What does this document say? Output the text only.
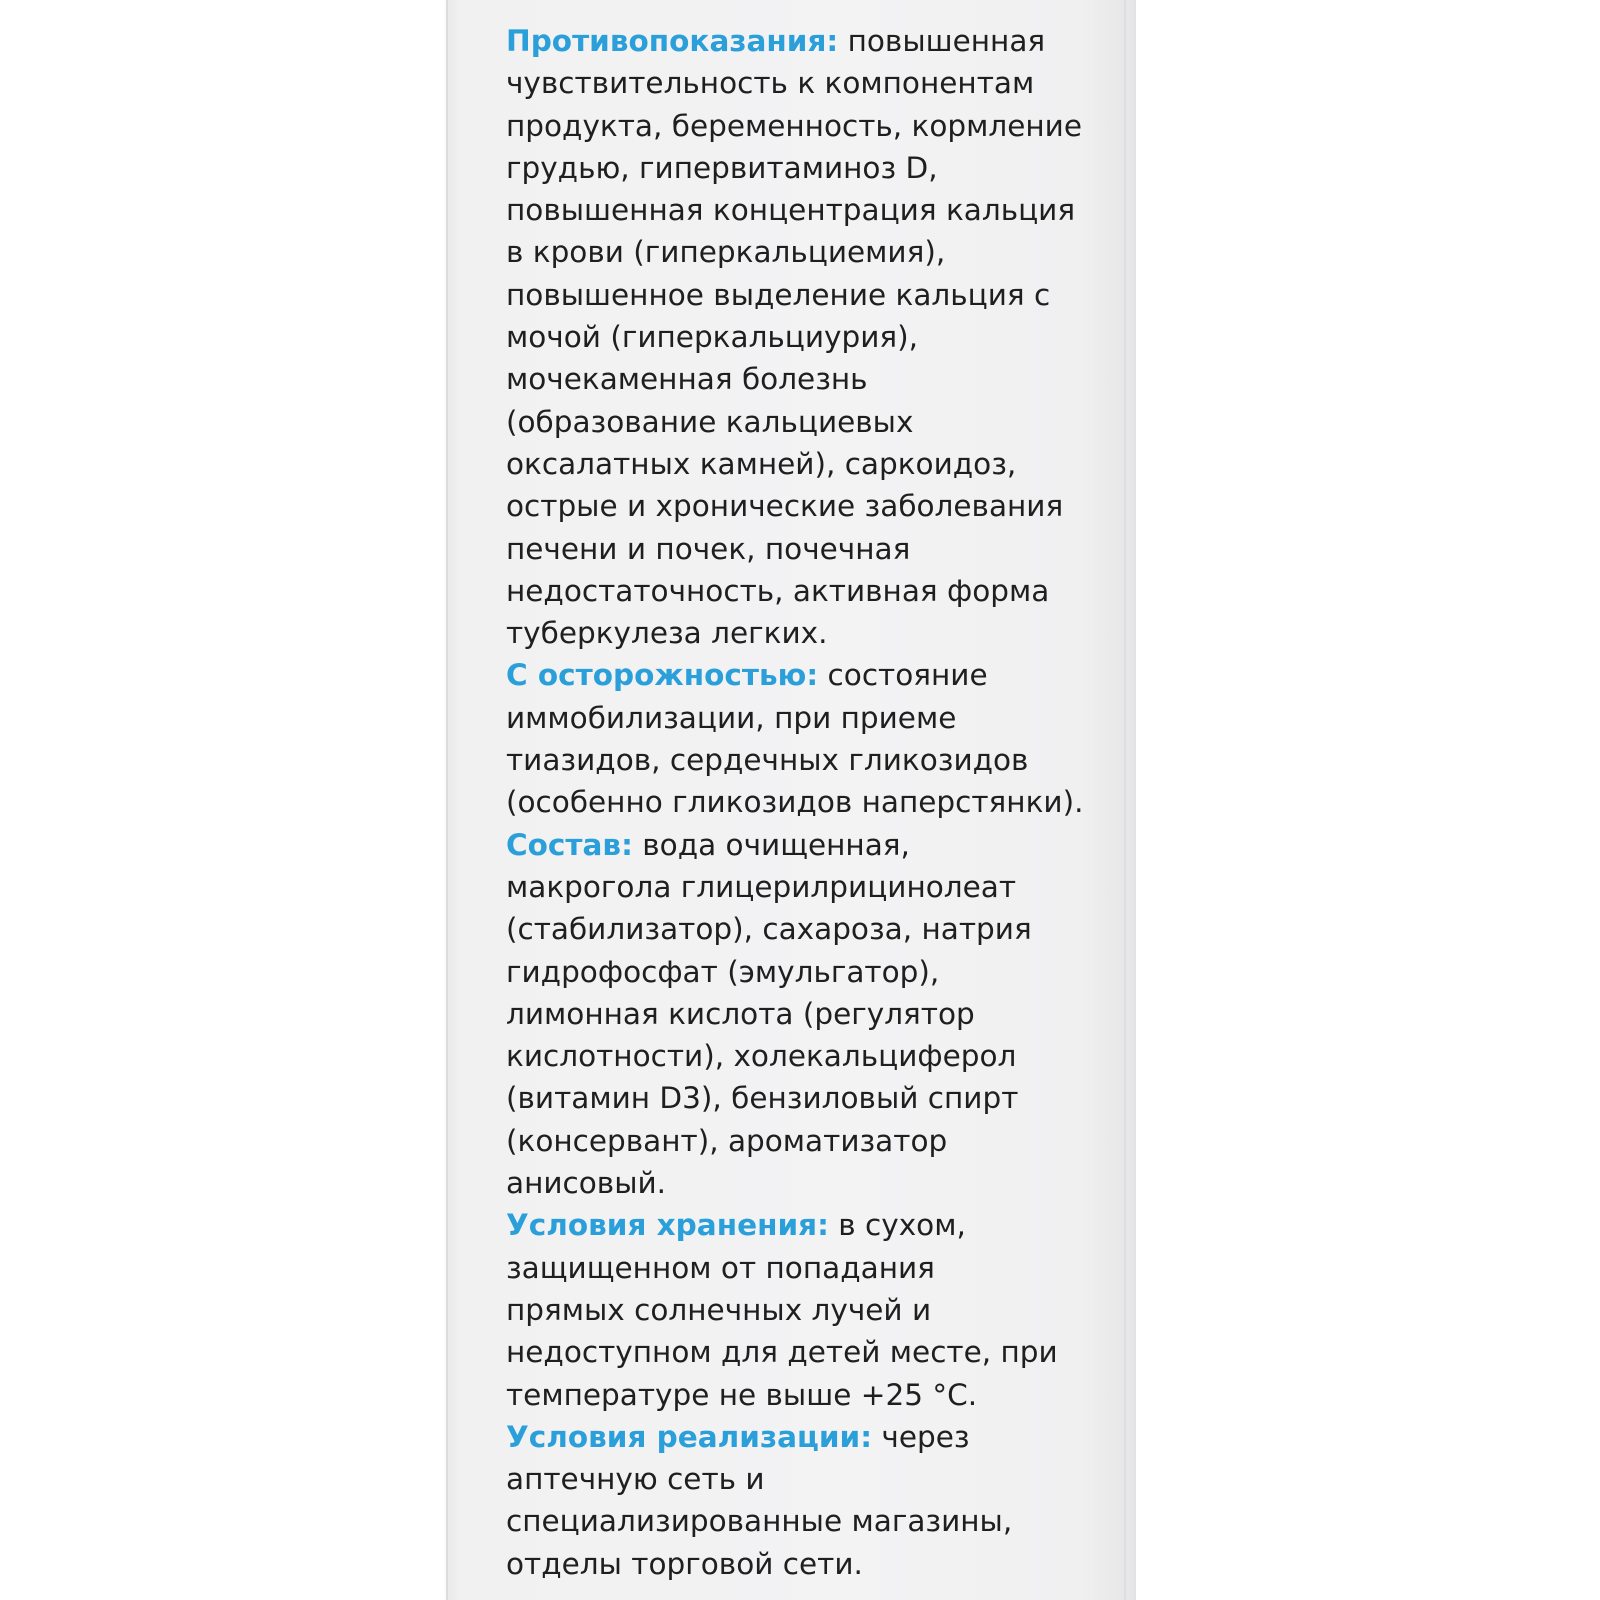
Противопоказания: повышенная
чувствительность к компонентам
продукта, беременность, кормление
грудью, гипервитаминоз D,
повышенная концентрация кальция
в крови (гиперкальциемия),
повышенное выделение кальция с
мочой (гиперкальциурия),
мочекаменная болезнь
(образование кальциевых
оксалатных камней), саркоидоз,
острые и хронические заболевания
печени и почек, почечная
недостаточность, активная форма
туберкулеза легких.

С осторожностью: состояние
иммобилизации, при приеме
тиазидов, сердечных гликозидов
(особенно гликозидов наперстянки).

Состав: вода очищенная,
макрогола глицерилрицинолеат
(стабилизатор), сахароза, натрия
гидрофосфат (эмульгатор),
лимонная кислота (регулятор
кислотности), холекальциферол
(витамин D3), бензиловый спирт
(консервант), ароматизатор
анисовый.

Условия хранения: в сухом,
защищенном от попадания
прямых солнечных лучей и
недоступном для детей месте, при
температуре не выше +25 °С.

Условия реализации: через
аптечную сеть и
специализированные магазины,
отделы торговой сети.
